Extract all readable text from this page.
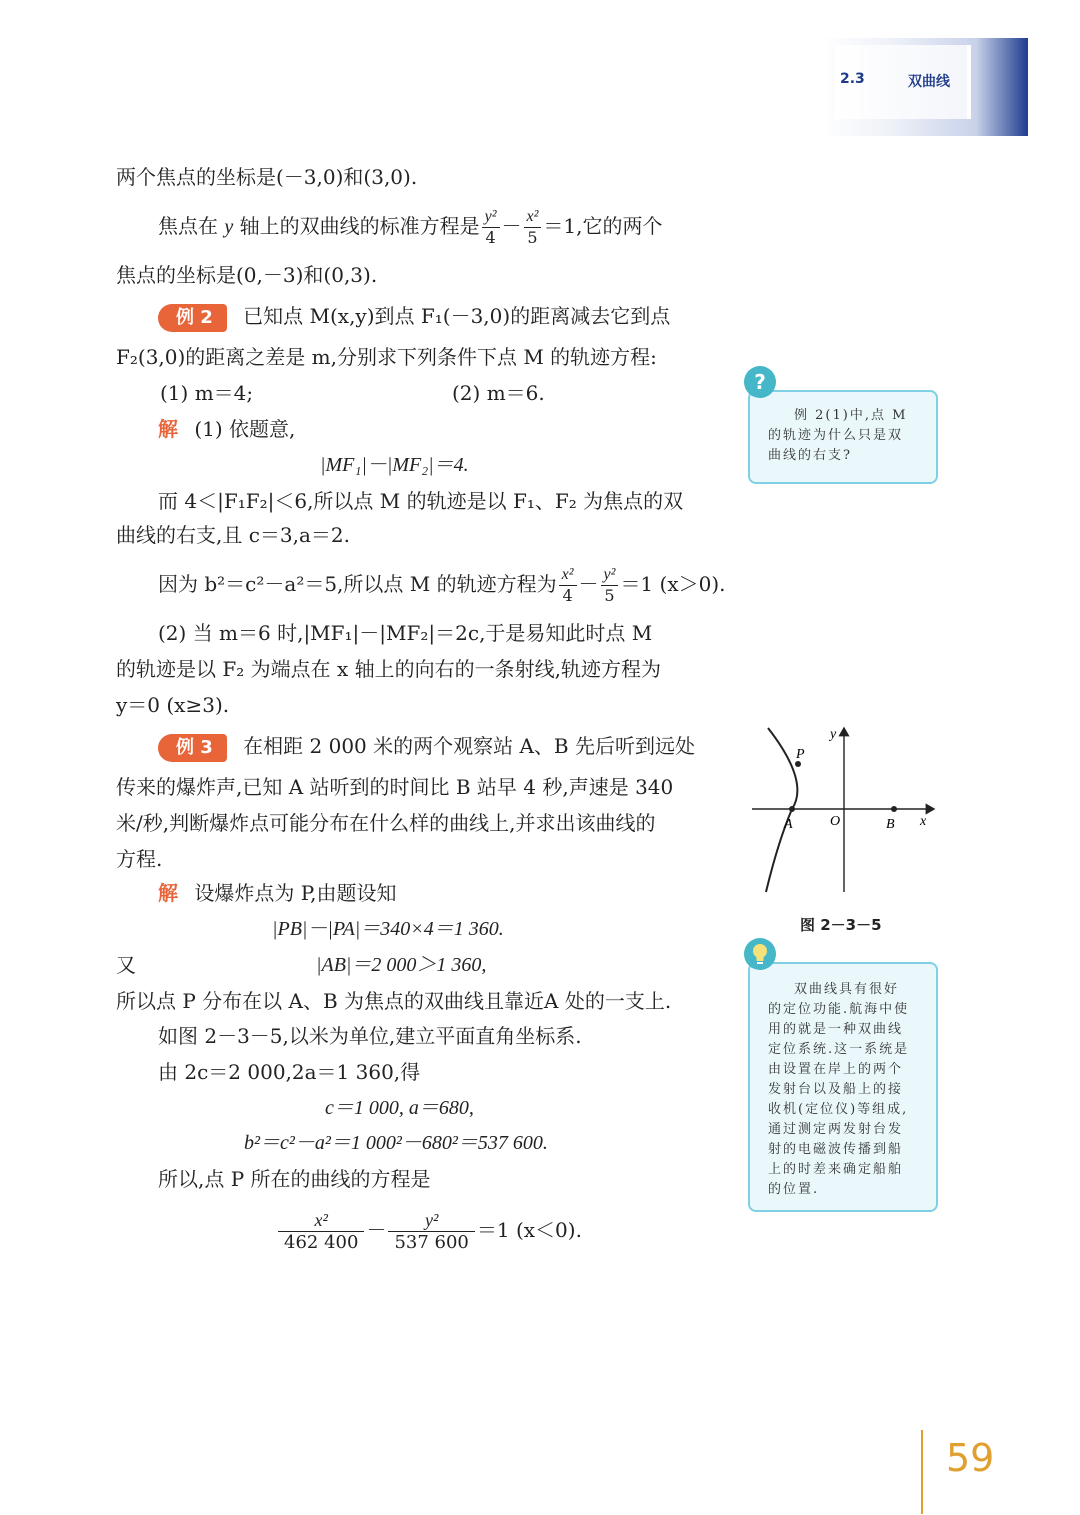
2.3	双曲线
两个焦点的坐标是(－3,0)和(3,0).
焦点在 y 轴上的双曲线的标准方程是 $\frac{\text{y²}}{4} - \frac{\text{x²}}{5} =1$,它的两个
焦点的坐标是(0,－3)和(0,3).
例 2 已知点 M(x,y)到点 F₁(－3,0)的距离减去它到点
F₂(3,0)的距离之差是 m,分别求下列条件下点 M 的轨迹方程:
(1) m＝4;	(2) m＝6.
解 (1) 依题意,
|MF₁|－|MF₂|＝4.
而 4＜|F₁F₂|＜6,所以点 M 的轨迹是以 F₁、F₂ 为焦点的双
曲线的右支,且 c＝3,a＝2.
因为 b²＝c²－a²＝5,所以点 M 的轨迹方程为 $\frac{\text{x²}}{4} - \frac{\text{y²}}{5} =1$ (x＞0).
(2) 当 m＝6 时,|MF₁|－|MF₂|＝2c,于是易知此时点 M
的轨迹是以 F₂ 为端点在 x 轴上的向右的一条射线,轨迹方程为
y＝0 (x≥3).
例 3 在相距 2 000 米的两个观察站 A、B 先后听到远处
传来的爆炸声,已知 A 站听到的时间比 B 站早 4 秒,声速是 340
米/秒,判断爆炸点可能分布在什么样的曲线上,并求出该曲线的
方程.
解 设爆炸点为 P,由题设知
|PB|－|PA|＝340×4＝1 360.
又	|AB|＝2 000＞1 360,
所以点 P 分布在以 A、B 为焦点的双曲线且靠近A 处的一支上.
如图 2－3－5,以米为单位,建立平面直角坐标系.
由 2c＝2 000,2a＝1 360,得
c＝1 000, a＝680,
b²＝c²－a²＝1 000²－680²＝537 600.
所以,点 P 所在的曲线的方程是
$\frac{\text{x²}}{462 400} - \frac{\text{y²}}{537 600} =1$ (x＜0).
例 2(1)中,点 M
的轨迹为什么只是双
曲线的右支?
?
y
x
P
A	O	B
图 2－3－5
双曲线具有很好
的定位功能.航海中使
用的就是一种双曲线
定位系统.这一系统是
由设置在岸上的两个
发射台以及船上的接
收机(定位仪)等组成,
通过测定两发射台发
射的电磁波传播到船
上的时差来确定船舶
的位置.
59
